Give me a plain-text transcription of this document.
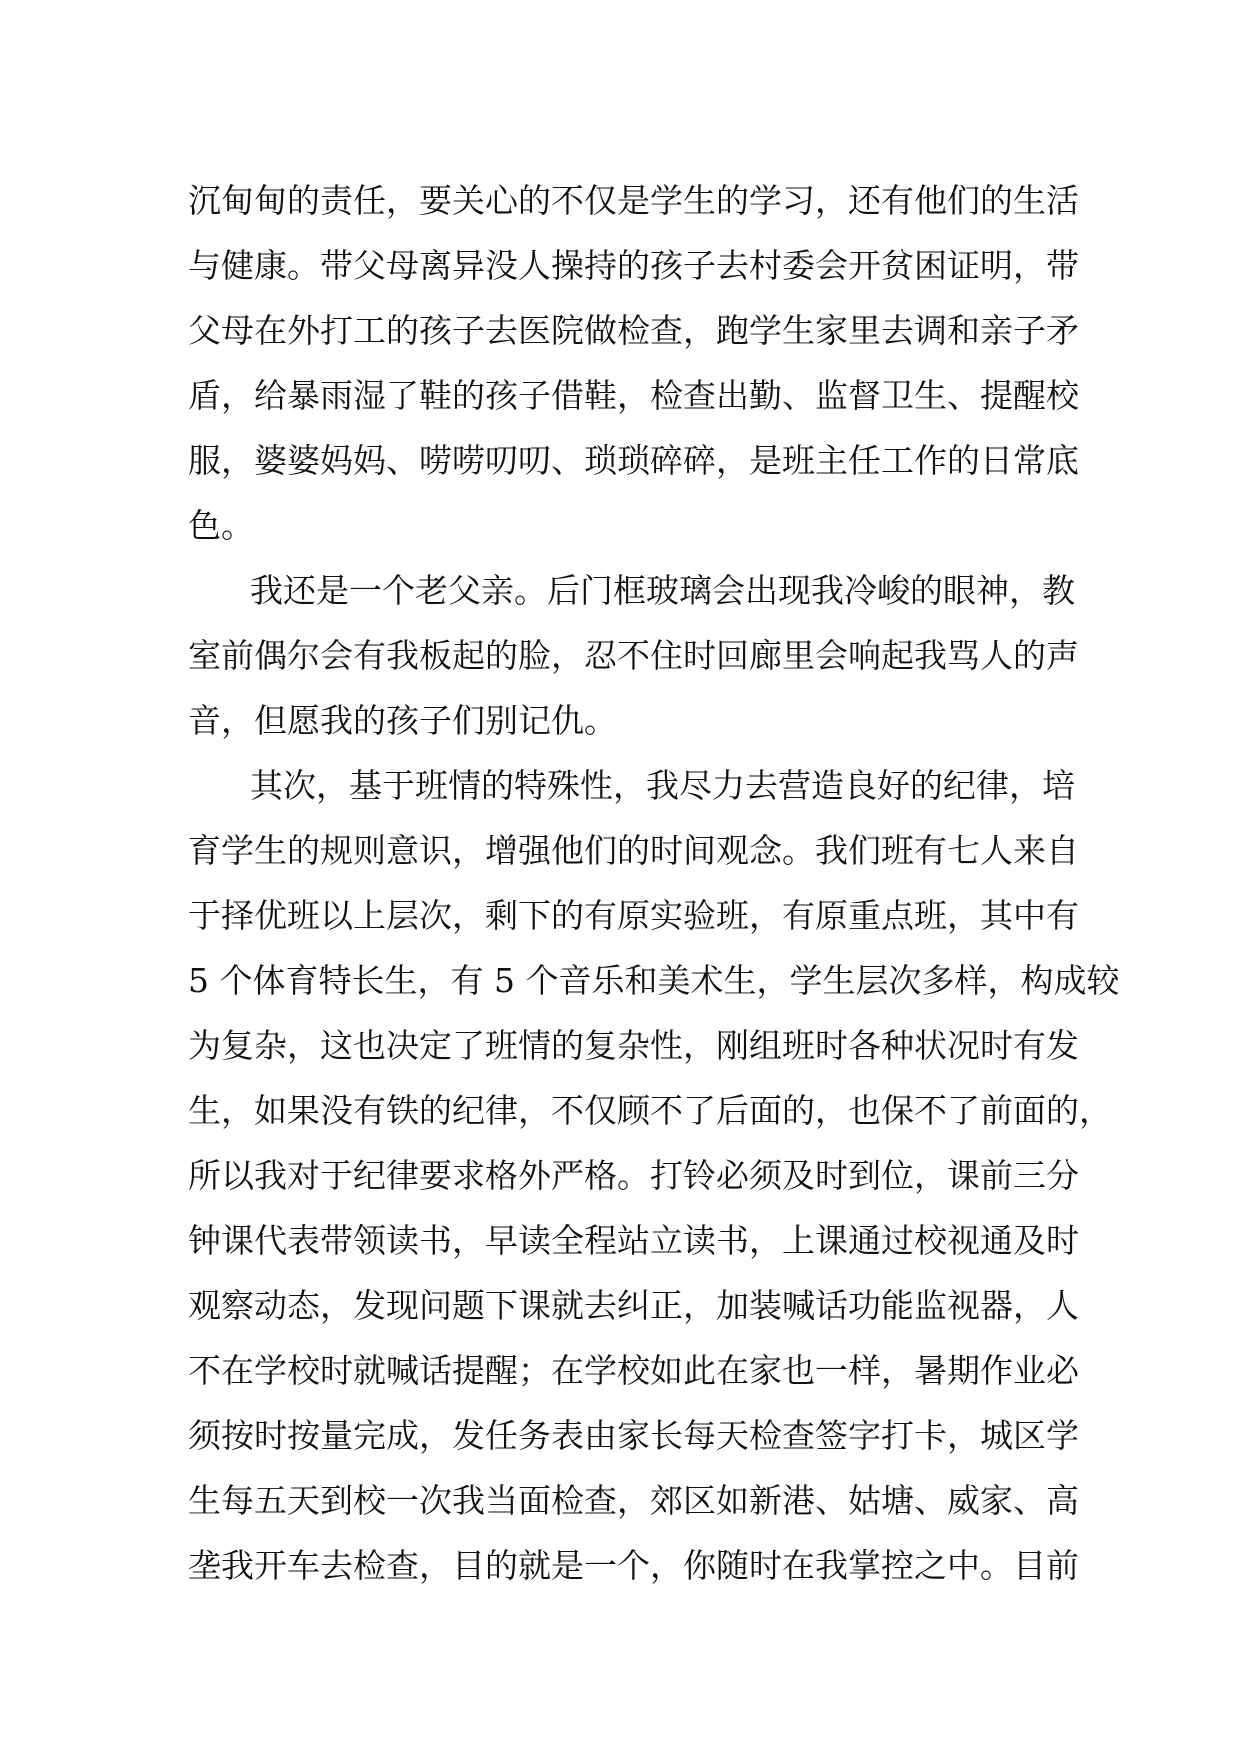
沉甸甸的责任，要关心的不仅是学生的学习，还有他们的生活
与健康。带父母离异没人操持的孩子去村委会开贫困证明，带
父母在外打工的孩子去医院做检查，跑学生家里去调和亲子矛
盾，给暴雨湿了鞋的孩子借鞋，检查出勤、监督卫生、提醒校
服，婆婆妈妈、唠唠叨叨、琐琐碎碎，是班主任工作的日常底
色。
我还是一个老父亲。后门框玻璃会出现我冷峻的眼神，教
室前偶尔会有我板起的脸，忍不住时回廊里会响起我骂人的声
音，但愿我的孩子们别记仇。
其次，基于班情的特殊性，我尽力去营造良好的纪律，培
育学生的规则意识，增强他们的时间观念。我们班有七人来自
于择优班以上层次，剩下的有原实验班，有原重点班，其中有
5 个体育特长生，有 5 个音乐和美术生，学生层次多样，构成较
为复杂，这也决定了班情的复杂性，刚组班时各种状况时有发
生，如果没有铁的纪律，不仅顾不了后面的，也保不了前面的，
所以我对于纪律要求格外严格。打铃必须及时到位，课前三分
钟课代表带领读书，早读全程站立读书，上课通过校视通及时
观察动态，发现问题下课就去纠正，加装喊话功能监视器，人
不在学校时就喊话提醒；在学校如此在家也一样，暑期作业必
须按时按量完成，发任务表由家长每天检查签字打卡，城区学
生每五天到校一次我当面检查，郊区如新港、姑塘、威家、高
垄我开车去检查，目的就是一个，你随时在我掌控之中。目前
